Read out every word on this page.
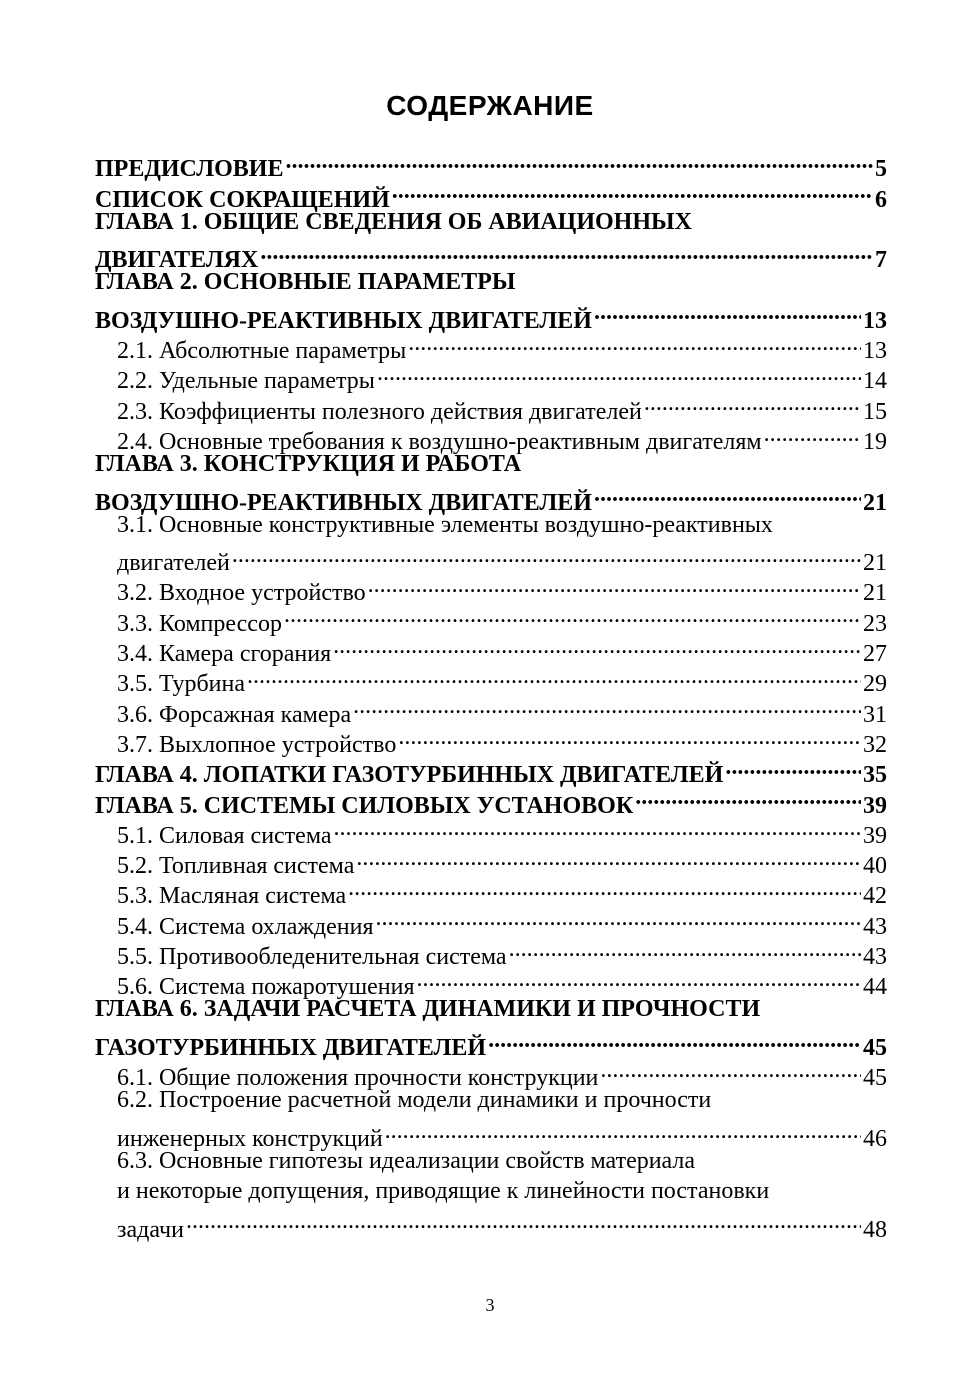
СОДЕРЖАНИЕ
ПРЕДИСЛОВИЕ .....	5
СПИСОК СОКРАЩЕНИЙ .....	6
ГЛАВА 1. ОБЩИЕ СВЕДЕНИЯ ОБ АВИАЦИОННЫХ
ДВИГАТЕЛЯХ .....	7
ГЛАВА 2. ОСНОВНЫЕ ПАРАМЕТРЫ
ВОЗДУШНО-РЕАКТИВНЫХ ДВИГАТЕЛЕЙ .....	13
2.1. Абсолютные параметры .....	13
2.2. Удельные параметры .....	14
2.3. Коэффициенты полезного действия двигателей .....	15
2.4. Основные требования к воздушно-реактивным двигателям .....	19
ГЛАВА 3. КОНСТРУКЦИЯ И РАБОТА
ВОЗДУШНО-РЕАКТИВНЫХ ДВИГАТЕЛЕЙ .....	21
3.1. Основные конструктивные элементы воздушно-реактивных
двигателей .....	21
3.2. Входное устройство .....	21
3.3. Компрессор .....	23
3.4. Камера сгорания .....	27
3.5. Турбина .....	29
3.6. Форсажная камера .....	31
3.7. Выхлопное устройство .....	32
ГЛАВА 4. ЛОПАТКИ ГАЗОТУРБИННЫХ ДВИГАТЕЛЕЙ .....	35
ГЛАВА 5. СИСТЕМЫ СИЛОВЫХ УСТАНОВОК .....	39
5.1. Силовая система .....	39
5.2. Топливная система .....	40
5.3. Масляная система .....	42
5.4. Система охлаждения .....	43
5.5. Противообледенительная система .....	43
5.6. Система пожаротушения .....	44
ГЛАВА 6. ЗАДАЧИ РАСЧЕТА ДИНАМИКИ И ПРОЧНОСТИ
ГАЗОТУРБИННЫХ ДВИГАТЕЛЕЙ .....	45
6.1. Общие положения прочности конструкции .....	45
6.2. Построение расчетной модели динамики и прочности
инженерных конструкций .....	46
6.3. Основные гипотезы идеализации свойств материала
и некоторые допущения, приводящие к линейности постановки
задачи .....	48
3
